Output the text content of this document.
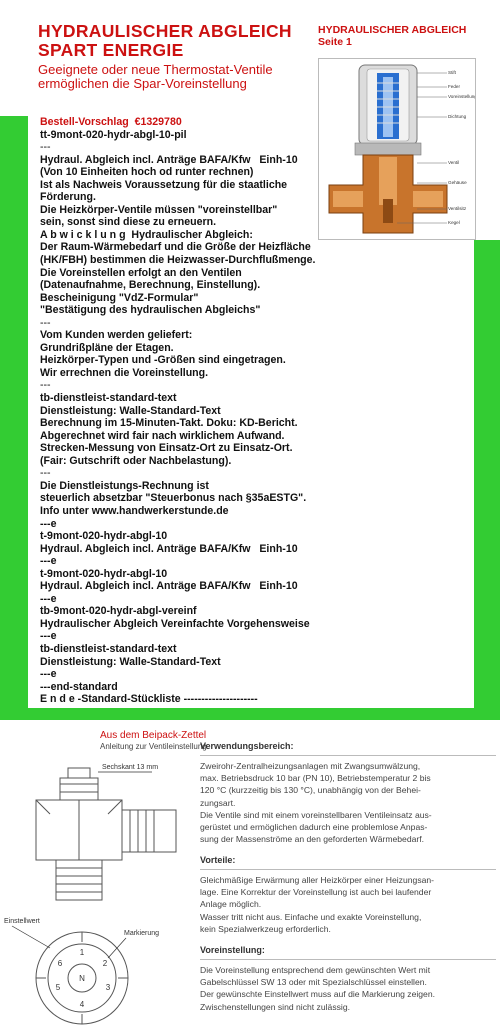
HYDRAULISCHER ABGLEICH
SPART ENERGIE
HYDRAULISCHER ABGLEICH
Seite 1
Geeignete oder neue Thermostat-Ventile
ermöglichen die Spar-Voreinstellung
Stift
Feder
Voreinstellung
Dichtung
Ventil
Gehäuse
Ventilsitz
Kegel
Bestell-Vorschlag  €1329780
tt-9mont-020-hydr-abgl-10-pil
---
Hydraul. Abgleich incl. Anträge BAFA/Kfw   Einh-10
(Von 10 Einheiten hoch od runter rechnen)
Ist als Nachweis Voraussetzung für die staatliche
Förderung.
Die Heizkörper-Ventile müssen "voreinstellbar"
sein, sonst sind diese zu erneuern.
A b w i c k l u n g  Hydraulischer Abgleich:
Der Raum-Wärmebedarf und die Größe der Heizfläche
(HK/FBH) bestimmen die Heizwasser-Durchflußmenge.
Die Voreinstellen erfolgt an den Ventilen
(Datenaufnahme, Berechnung, Einstellung).
Bescheinigung "VdZ-Formular"
"Bestätigung des hydraulischen Abgleichs"
---
Vom Kunden werden geliefert:
Grundrißpläne der Etagen.
Heizkörper-Typen und -Größen sind eingetragen.
Wir errechnen die Voreinstellung.
---
tb-dienstleist-standard-text
Dienstleistung: Walle-Standard-Text
Berechnung im 15-Minuten-Takt. Doku: KD-Bericht.
Abgerechnet wird fair nach wirklichem Aufwand.
Strecken-Messung von Einsatz-Ort zu Einsatz-Ort.
(Fair: Gutschrift oder Nachbelastung).
---
Die Dienstleistungs-Rechnung ist
steuerlich absetzbar "Steuerbonus nach §35aESTG".
Info unter www.handwerkerstunde.de
---e
t-9mont-020-hydr-abgl-10
Hydraul. Abgleich incl. Anträge BAFA/Kfw   Einh-10
---e
t-9mont-020-hydr-abgl-10
Hydraul. Abgleich incl. Anträge BAFA/Kfw   Einh-10
---e
tb-9mont-020-hydr-abgl-vereinf
Hydraulischer Abgleich Vereinfachte Vorgehensweise
---e
tb-dienstleist-standard-text
Dienstleistung: Walle-Standard-Text
---e
---end-standard
E n d e -Standard-Stückliste ---------------------
Aus dem Beipack-Zettel
Anleitung zur Ventileinstellung
Sechskant 13 mm
Einstellwert
Markierung
1
2
3
4
5
6
N
Verwendungsbereich:
Zweirohr-Zentralheizungsanlagen mit Zwangsumwälzung,
max. Betriebsdruck 10 bar (PN 10), Betriebstemperatur 2 bis
120 °C (kurzzeitig bis 130 °C), unabhängig von der Behei-
zungsart.
Die Ventile sind mit einem voreinstellbaren Ventileinsatz aus-
gerüstet und ermöglichen dadurch eine problemlose Anpas-
sung der Massenströme an den geforderten Wärmebedarf.
Vorteile:
Gleichmäßige Erwärmung aller Heizkörper einer Heizungsan-
lage. Eine Korrektur der Voreinstellung ist auch bei laufender
Anlage möglich.
Wasser tritt nicht aus. Einfache und exakte Voreinstellung,
kein Spezialwerkzeug erforderlich.
Voreinstellung:
Die Voreinstellung entsprechend dem gewünschten Wert mit
Gabelschlüssel SW 13 oder mit Spezialschlüssel einstellen.
Der gewünschte Einstellwert muss auf die Markierung zeigen.
Zwischenstellungen sind nicht zulässig.
